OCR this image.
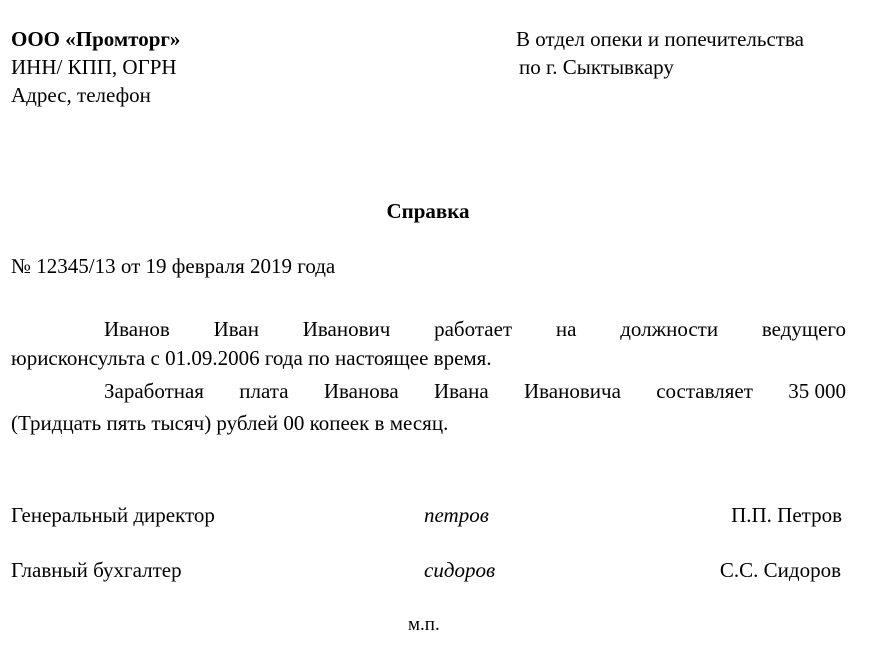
ООО «Промторг»
ИНН/ КПП, ОГРН
Адрес, телефон
В отдел опеки и попечительства
по г. Сыктывкару
Справка
№ 12345/13 от 19 февраля 2019 года
Иванов Иван Иванович работает на должности ведущего
юрисконсульта с 01.09.2006 года по настоящее время.
Заработная плата Иванова Ивана Ивановича составляет 35 000
(Тридцать пять тысяч) рублей 00 копеек в месяц.
Генеральный директор	петров	П.П. Петров
Главный бухгалтер	сидоров	С.С. Сидоров
м.п.
